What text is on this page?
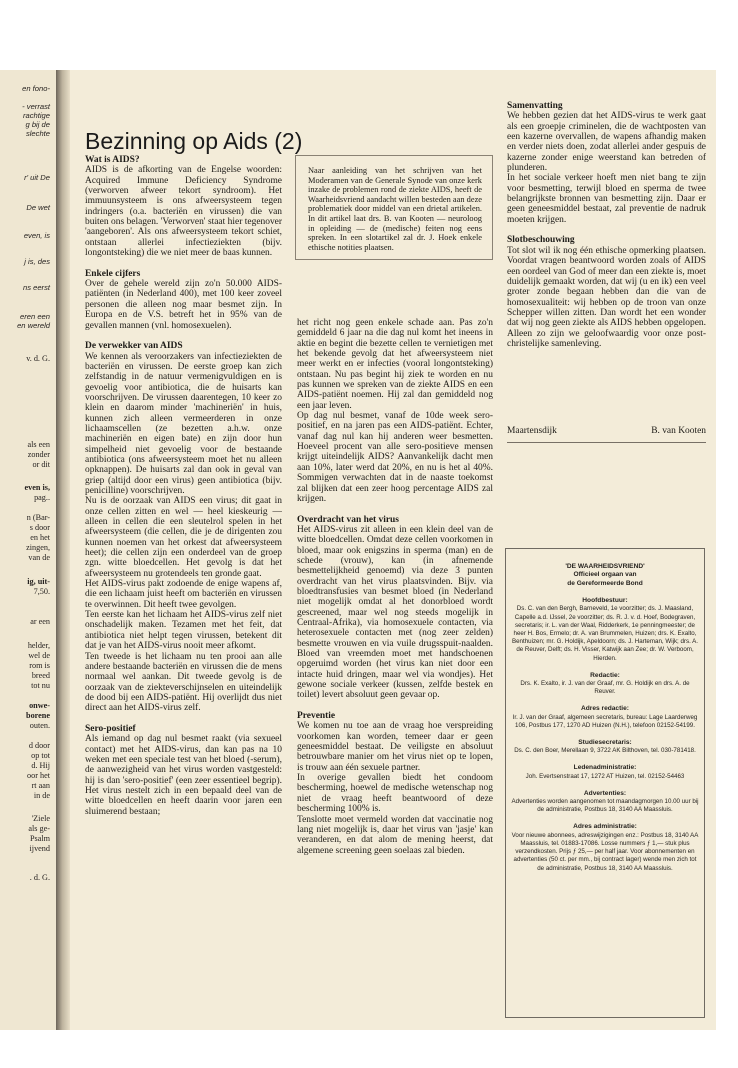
en fono-
- verrast
rachtige
g bij de
slechte
r' uit De
De wet
even, is
j is, des
ns eerst
eren een
en wereld
v. d. G.
als een
zonder
or dit
even is,
pag..
n (Bar-
s door
en het
zingen,
van de
ig, uit-
7,50.
ar een
helder,
wel de
rom is
breed
tot nu
onwe-
borene
outen.
d door
op tot
d. Hij
oor het
rt aan
in de
'Ziele
als ge-
Psalm
ijvend
. d. G.
Bezinning op Aids (2)
Wat is AIDS?

AIDS is de afkorting van de Engelse woorden: Acquired Immune Deficiency Syndrome (verworven afweer tekort syndroom). Het immuunsysteem is ons afweersysteem tegen indringers (o.a. bacteriën en virussen) die van buiten ons belagen. 'Verworven' staat hier tegenover 'aangeboren'. Als ons afweersysteem tekort schiet, ontstaan allerlei infectieziekten (bijv. longontsteking) die we niet meer de baas kunnen.

Enkele cijfers

Over de gehele wereld zijn zo'n 50.000 AIDS-patiënten (in Nederland 400), met 100 keer zoveel personen die alleen nog maar besmet zijn. In Europa en de V.S. betreft het in 95% van de gevallen mannen (vnl. homosexuelen).

De verwekker van AIDS

We kennen als veroorzakers van infectieziekten de bacteriën en virussen. De eerste groep kan zich zelfstandig in de natuur vermenigvuldigen en is gevoelig voor antibiotica, die de huisarts kan voorschrijven. De virussen daarentegen, 10 keer zo klein en daarom minder 'machineriën' in huis, kunnen zich alleen vermeerderen in onze lichaamscellen (ze bezetten a.h.w. onze machineriën en eigen bate) en zijn door hun simpelheid niet gevoelig voor de bestaande antibiotica (ons afweersysteem moet het nu alleen opknappen). De huisarts zal dan ook in geval van griep (altijd door een virus) geen antibiotica (bijv. penicilline) voorschrijven.

Nu is de oorzaak van AIDS een virus; dit gaat in onze cellen zitten en wel — heel kieskeurig — alleen in cellen die een sleutelrol spelen in het afweersysteem (die cellen, die je de dirigenten zou kunnen noemen van het orkest dat afweersysteem heet); die cellen zijn een onderdeel van de groep zgn. witte bloedcellen. Het gevolg is dat het afweersysteem nu grotendeels ten gronde gaat.

Het AIDS-virus pakt zodoende de enige wapens af, die een lichaam juist heeft om bacteriën en virussen te overwinnen. Dit heeft twee gevolgen.

Ten eerste kan het lichaam het AIDS-virus zelf niet onschadelijk maken. Tezamen met het feit, dat antibiotica niet helpt tegen virussen, betekent dit dat je van het AIDS-virus nooit meer afkomt.

Ten tweede is het lichaam nu ten prooi aan alle andere bestaande bacteriën en virussen die de mens normaal wel aankan. Dit tweede gevolg is de oorzaak van de ziekteverschijnselen en uiteindelijk de dood bij een AIDS-patiënt. Hij overlijdt dus niet direct aan het AIDS-virus zelf.

Sero-positief

Als iemand op dag nul besmet raakt (via sexueel contact) met het AIDS-virus, dan kan pas na 10 weken met een speciale test van het bloed (-serum), de aanwezigheid van het virus worden vastgesteld: hij is dan 'sero-positief' (een zeer essentieel begrip). Het virus nestelt zich in een bepaald deel van de witte bloedcellen en heeft daarin voor jaren een sluimerend bestaan;

Naar aanleiding van het schrijven van het Moderamen van de Generale Synode van onze kerk inzake de problemen rond de ziekte AIDS, heeft de Waarheidsvriend aandacht willen besteden aan deze problematiek door middel van een drietal artikelen. In dit artikel laat drs. B. van Kooten — neuroloog in opleiding — de (medische) feiten nog eens spreken. In een slotartikel zal dr. J. Hoek enkele ethische notities plaatsen.

het richt nog geen enkele schade aan. Pas zo'n gemiddeld 6 jaar na die dag nul komt het ineens in aktie en begint die bezette cellen te vernietigen met het bekende gevolg dat het afweersysteem niet meer werkt en er infecties (vooral longontsteking) ontstaan. Nu pas begint hij ziek te worden en nu pas kunnen we spreken van de ziekte AIDS en een AIDS-patiënt noemen. Hij zal dan gemiddeld nog een jaar leven.

Op dag nul besmet, vanaf de 10de week sero-positief, en na jaren pas een AIDS-patiënt. Echter, vanaf dag nul kan hij anderen weer besmetten. Hoeveel procent van alle sero-positieve mensen krijgt uiteindelijk AIDS? Aanvankelijk dacht men aan 10%, later werd dat 20%, en nu is het al 40%. Sommigen verwachten dat in de naaste toekomst zal blijken dat een zeer hoog percentage AIDS zal krijgen.

Overdracht van het virus

Het AIDS-virus zit alleen in een klein deel van de witte bloedcellen. Omdat deze cellen voorkomen in bloed, maar ook enigszins in sperma (man) en de schede (vrouw), kan (in afnemende besmettelijkheid genoemd) via deze 3 punten overdracht van het virus plaatsvinden. Bijv. via bloedtransfusies van besmet bloed (in Nederland niet mogelijk omdat al het donorbloed wordt gescreened, maar wel nog steeds mogelijk in Centraal-Afrika), via homosexuele contacten, via heterosexuele contacten met (nog zeer zelden) besmette vrouwen en via vuile drugsspuit-naalden. Bloed van vreemden moet met handschoenen opgeruimd worden (het virus kan niet door een intacte huid dringen, maar wel via wondjes). Het gewone sociale verkeer (kussen, zelfde bestek en toilet) levert absoluut geen gevaar op.

Preventie

We komen nu toe aan de vraag hoe verspreiding voorkomen kan worden, temeer daar er geen geneesmiddel bestaat. De veiligste en absoluut betrouwbare manier om het virus niet op te lopen, is trouw aan één sexuele partner.

In overige gevallen biedt het condoom bescherming, hoewel de medische wetenschap nog niet de vraag heeft beantwoord of deze bescherming 100% is.

Tenslotte moet vermeld worden dat vaccinatie nog lang niet mogelijk is, daar het virus van 'jasje' kan veranderen, en dat alom de mening heerst, dat algemene screening geen soelaas zal bieden.

Samenvatting

We hebben gezien dat het AIDS-virus te werk gaat als een groepje criminelen, die de wachtposten van een kazerne overvallen, de wapens afhandig maken en verder niets doen, zodat allerlei ander gespuis de kazerne zonder enige weerstand kan betreden of plunderen.

In het sociale verkeer hoeft men niet bang te zijn voor besmetting, terwijl bloed en sperma de twee belangrijkste bronnen van besmetting zijn. Daar er geen geneesmiddel bestaat, zal preventie de nadruk moeten krijgen.

Slotbeschouwing

Tot slot wil ik nog één ethische opmerking plaatsen. Voordat vragen beantwoord worden zoals of AIDS een oordeel van God of meer dan een ziekte is, moet duidelijk gemaakt worden, dat wij (u en ik) een veel groter zonde begaan hebben dan die van de homosexualiteit: wij hebben op de troon van onze Schepper willen zitten. Dan wordt het een wonder dat wij nog geen ziekte als AIDS hebben opgelopen. Alleen zo zijn we geloofwaardig voor onze post-christelijke samenleving.

Maartensdijk	B. van Kooten
'DE WAARHEIDSVRIEND'
Officieel orgaan van
de Gereformeerde Bond
Hoofdbestuur:
Ds. C. van den Bergh, Barneveld, 1e voorzitter; ds. J. Maasland, Capelle a.d. IJssel, 2e voorzitter; ds. R. J. v. d. Hoef, Bodegraven, secretaris; ir. L. van der Waal, Ridderkerk, 1e penningmeester; de heer H. Bos, Ermelo; dr. A. van Brummelen, Huizen; drs. K. Exalto, Benthuizen; mr. G. Holdijk, Apeldoorn; ds. J. Harteman, Wijk; drs. A. de Reuver, Delft; ds. H. Visser, Katwijk aan Zee; dr. W. Verboom, Hierden.
Redactie:
Drs. K. Exalto, ir. J. van der Graaf, mr. G. Holdijk en drs. A. de Reuver.
Adres redactie:
Ir. J. van der Graaf, algemeen secretaris, bureau: Lage Laarderweg 106, Postbus 177, 1270 AD Huizen (N.H.), telefoon 02152-54199.
Studiesecretaris:
Ds. C. den Boer, Merellaan 9, 3722 AK Bilthoven, tel. 030-781418.
Ledenadministratie:
Joh. Evertsenstraat 17, 1272 AT Huizen, tel. 02152-54463
Advertenties:
Advertenties worden aangenomen tot maandagmorgen 10.00 uur bij de administratie, Postbus 18, 3140 AA Maassluis.
Adres administratie:
Voor nieuwe abonnees, adreswijzigingen enz.: Postbus 18, 3140 AA Maassluis, tel. 01883-17086. Losse nummers ƒ 1,— stuk plus verzendkosten. Prijs ƒ 25,— per half jaar. Voor abonnementen en advertenties (50 ct. per mm., bij contract lager) wende men zich tot de administratie, Postbus 18, 3140 AA Maassluis.
